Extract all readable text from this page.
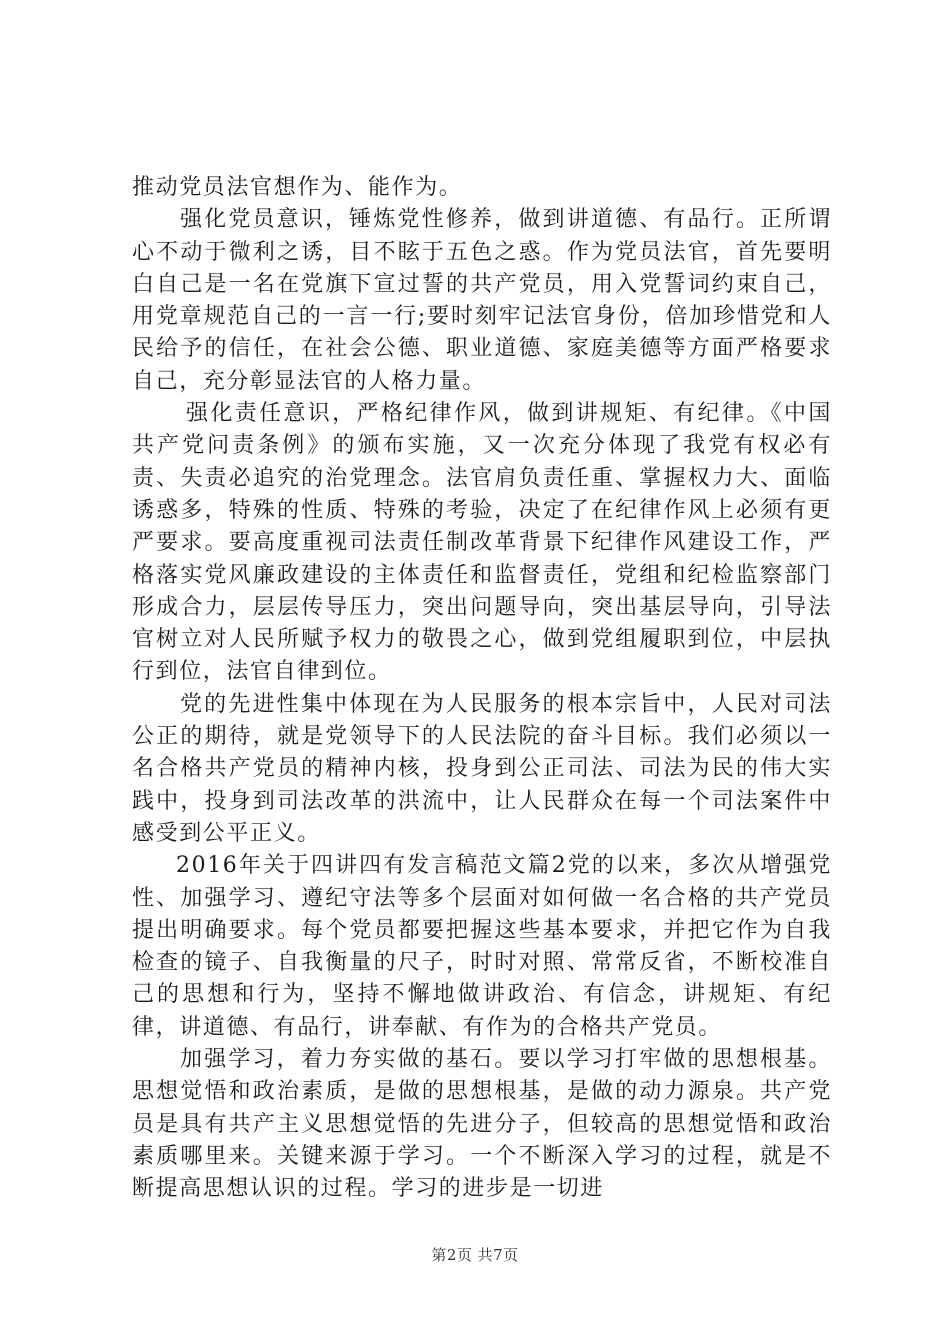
推动党员法官想作为、能作为。

强化党员意识，锤炼党性修养，做到讲道德、有品行。正所谓心不动于微利之诱，目不眩于五色之惑。作为党员法官，首先要明白自己是一名在党旗下宣过誓的共产党员，用入党誓词约束自己，用党章规范自己的一言一行;要时刻牢记法官身份，倍加珍惜党和人民给予的信任，在社会公德、职业道德、家庭美德等方面严格要求自己，充分彰显法官的人格力量。

强化责任意识，严格纪律作风，做到讲规矩、有纪律。《中国共产党问责条例》的颁布实施，又一次充分体现了我党有权必有责、失责必追究的治党理念。法官肩负责任重、掌握权力大、面临诱惑多，特殊的性质、特殊的考验，决定了在纪律作风上必须有更严要求。要高度重视司法责任制改革背景下纪律作风建设工作，严格落实党风廉政建设的主体责任和监督责任，党组和纪检监察部门形成合力，层层传导压力，突出问题导向，突出基层导向，引导法官树立对人民所赋予权力的敬畏之心，做到党组履职到位，中层执行到位，法官自律到位。

党的先进性集中体现在为人民服务的根本宗旨中，人民对司法公正的期待，就是党领导下的人民法院的奋斗目标。我们必须以一名合格共产党员的精神内核，投身到公正司法、司法为民的伟大实践中，投身到司法改革的洪流中，让人民群众在每一个司法案件中感受到公平正义。

2016年关于四讲四有发言稿范文篇2党的以来，多次从增强党性、加强学习、遵纪守法等多个层面对如何做一名合格的共产党员提出明确要求。每个党员都要把握这些基本要求，并把它作为自我检查的镜子、自我衡量的尺子，时时对照、常常反省，不断校准自己的思想和行为，坚持不懈地做讲政治、有信念，讲规矩、有纪律，讲道德、有品行，讲奉献、有作为的合格共产党员。

加强学习，着力夯实做的基石。要以学习打牢做的思想根基。思想觉悟和政治素质，是做的思想根基，是做的动力源泉。共产党员是具有共产主义思想觉悟的先进分子，但较高的思想觉悟和政治素质哪里来。关键来源于学习。一个不断深入学习的过程，就是不断提高思想认识的过程。学习的进步是一切进

第2页 共7页
